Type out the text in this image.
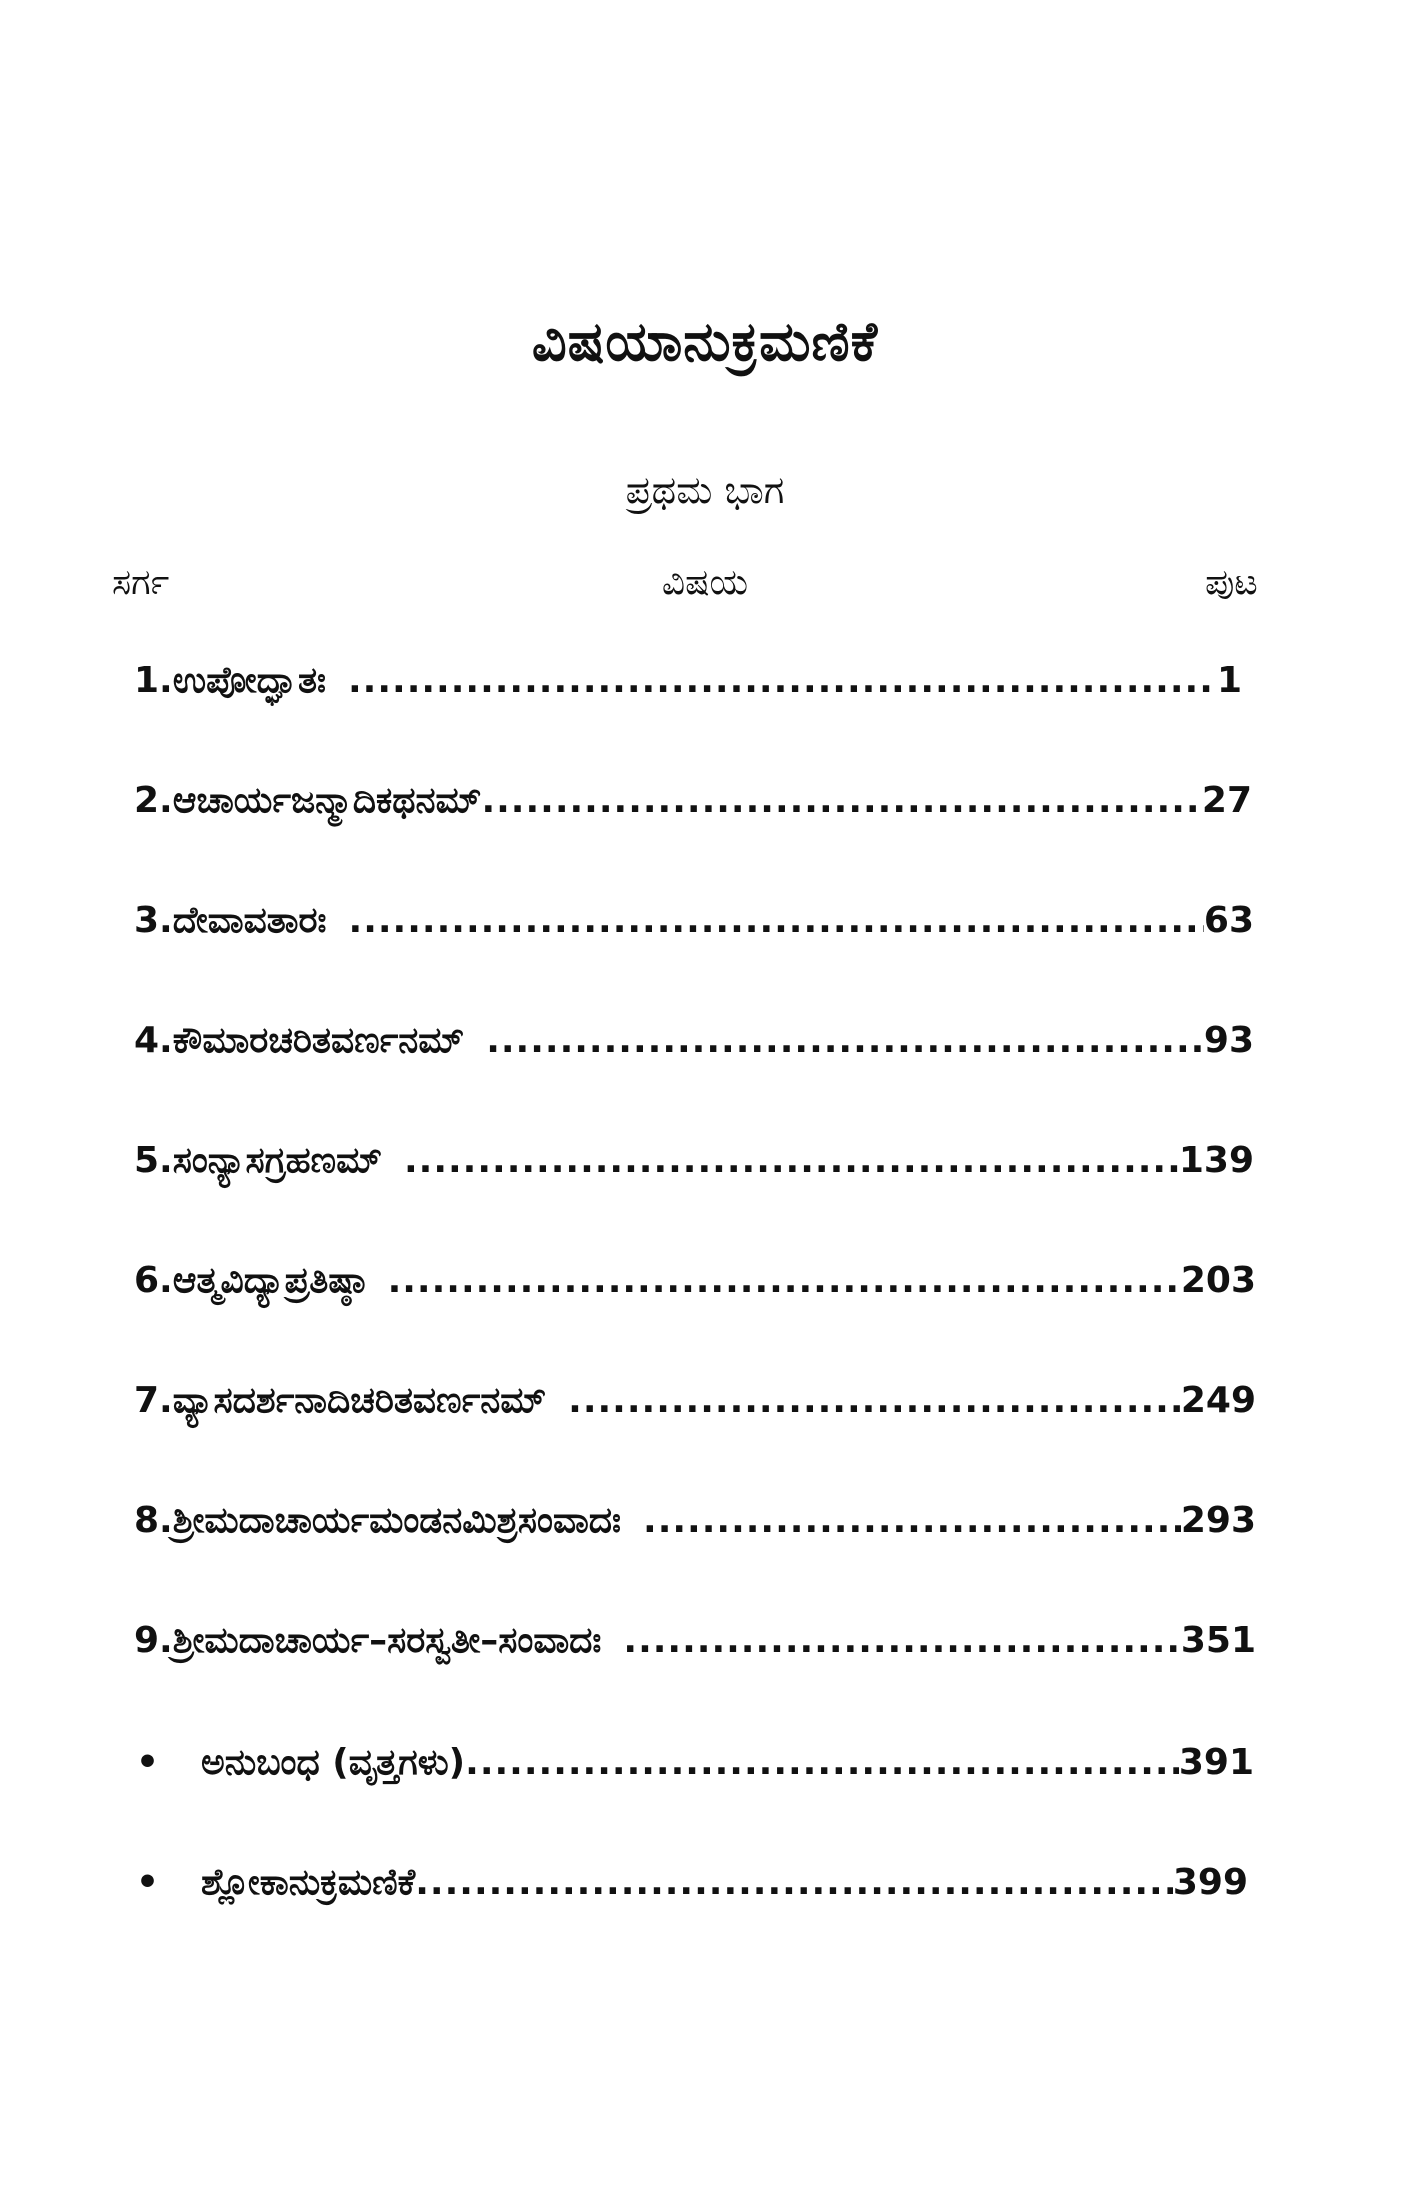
ವಿಷಯಾನುಕ್ರಮಣಿಕೆ
ಪ್ರಥಮ ಭಾಗ
ಸರ್ಗ	ವಿಷಯ	ಪುಟ
1. ಉಪೋದ್ಘಾತಃ .....	1
2. ಆಚಾರ್ಯಜನ್ಮಾದಿಕಥನಮ್ .....	27
3. ದೇವಾವತಾರಃ .....	63
4. ಕೌಮಾರಚರಿತವರ್ಣನಮ್ .....	93
5. ಸಂನ್ಯಾಸಗ್ರಹಣಮ್ .....	139
6. ಆತ್ಮವಿದ್ಯಾಪ್ರತಿಷ್ಠಾ .....	203
7. ವ್ಯಾಸದರ್ಶನಾದಿಚರಿತವರ್ಣನಮ್ .....	249
8. ಶ್ರೀಮದಾಚಾರ್ಯಮಂಡನಮಿಶ್ರಸಂವಾದಃ .....	293
9. ಶ್ರೀಮದಾಚಾರ್ಯ–ಸರಸ್ವತೀ–ಸಂವಾದಃ .....	351
•	ಅನುಬಂಧ (ವೃತ್ತಗಳು) .....	391
•	ಶ್ಲೋಕಾನುಕ್ರಮಣಿಕೆ .....	399
